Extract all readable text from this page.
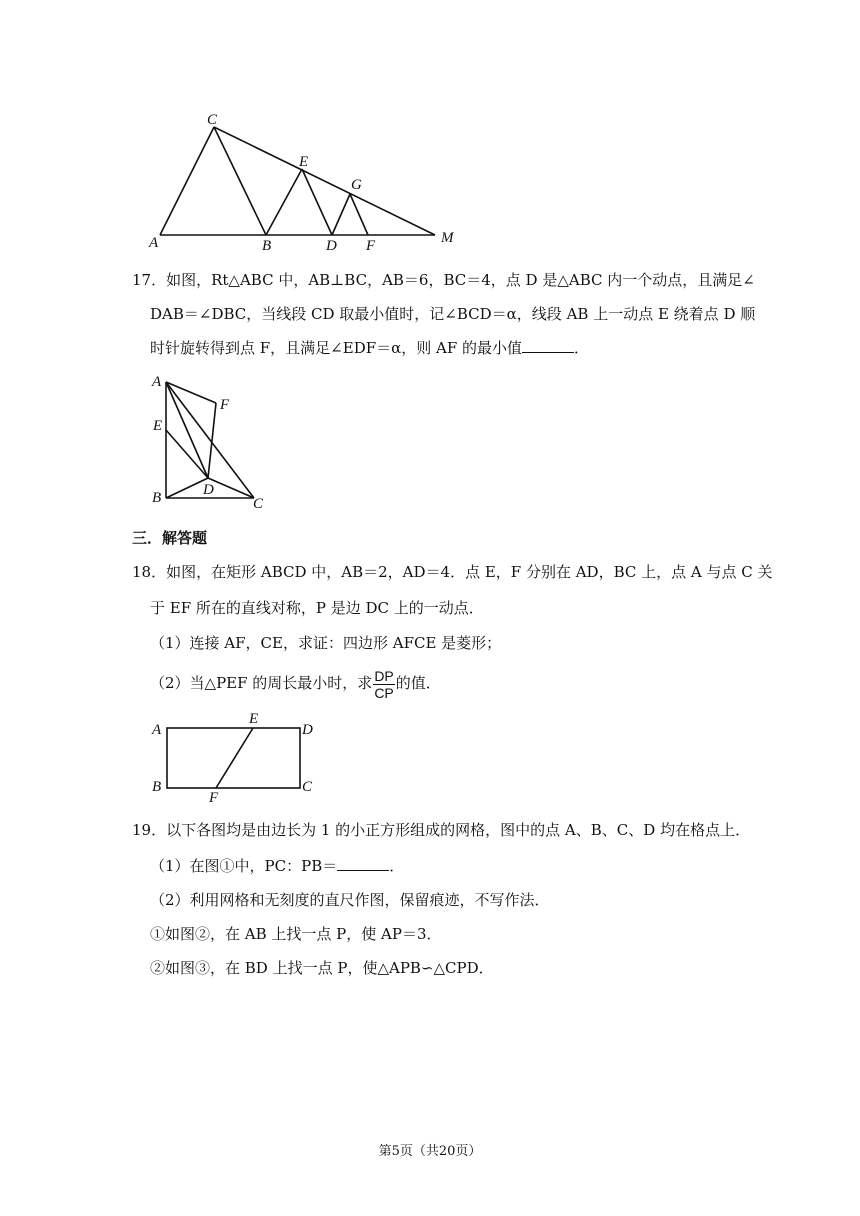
C
E
G
A	B	D F	M
17．如图，Rt△ABC 中，AB⊥BC，AB＝6，BC＝4，点 D 是△ABC 内一个动点，且满足∠
DAB＝∠DBC，当线段 CD 取最小值时，记∠BCD＝α，线段 AB 上一动点 E 绕着点 D 顺
时针旋转得到点 F，且满足∠EDF＝α，则 AF 的最小值	．
A
F
E
D
B	C
三．解答题
18．如图，在矩形 ABCD 中，AB＝2，AD＝4．点 E，F 分别在 AD，BC 上，点 A 与点 C 关
于 EF 所在的直线对称，P 是边 DC 上的一动点．
（1）连接 AF，CE，求证：四边形 AFCE 是菱形；
（2）当△PEF 的周长最小时，求 $\frac{DP}{CP}$ 的值．
A
E
D
B
F
C
19．以下各图均是由边长为 1 的小正方形组成的网格，图中的点 A、B、C、D 均在格点上．
（1）在图①中，PC：PB＝	．
（2）利用网格和无刻度的直尺作图，保留痕迹，不写作法．
①如图②，在 AB 上找一点 P，使 AP＝3．
②如图③，在 BD 上找一点 P，使△APB∽△CPD．
第5页（共20页）
